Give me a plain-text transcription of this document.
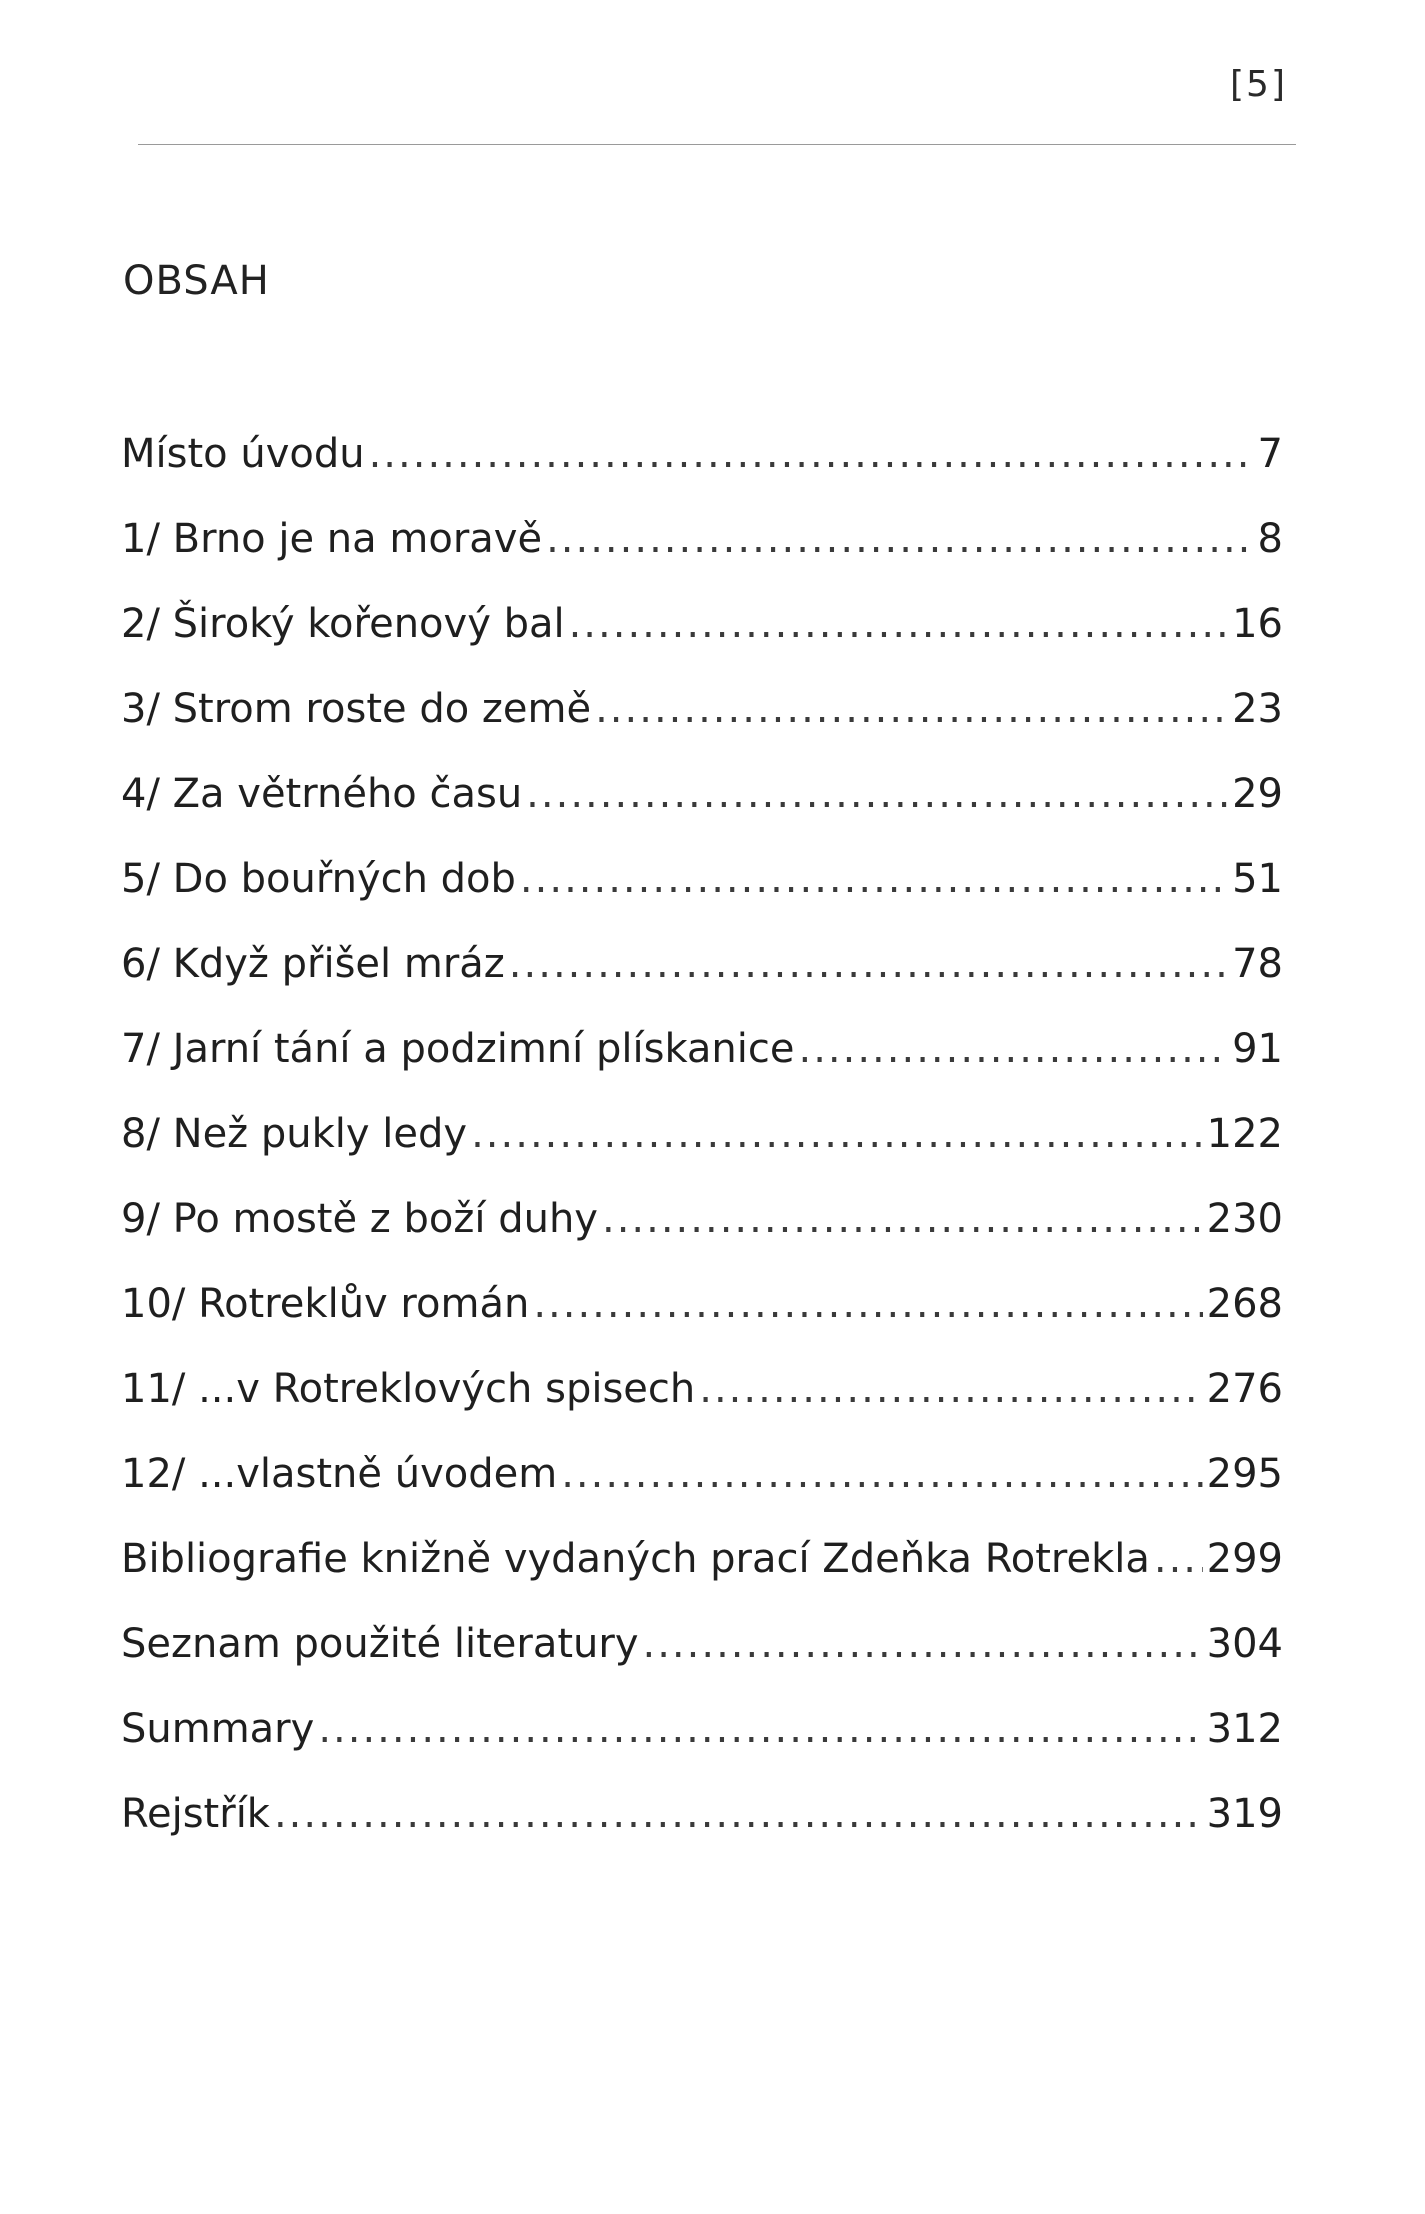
[5]
OBSAH
Místo úvodu .....	7
1/ Brno je na moravě .....	8
2/ Široký kořenový bal .....	16
3/ Strom roste do země .....	23
4/ Za větrného času .....	29
5/ Do bouřných dob .....	51
6/ Když přišel mráz .....	78
7/ Jarní tání a podzimní plískanice .....	91
8/ Než pukly ledy .....	122
9/ Po mostě z boží duhy .....	230
10/ Rotreklův román .....	268
11/ ...v Rotreklových spisech .....	276
12/ ...vlastně úvodem .....	295
Bibliografie knižně vydaných prací Zdeňka Rotrekla ..... 299
Seznam použité literatury .....	304
Summary .....	312
Rejstřík .....	319
